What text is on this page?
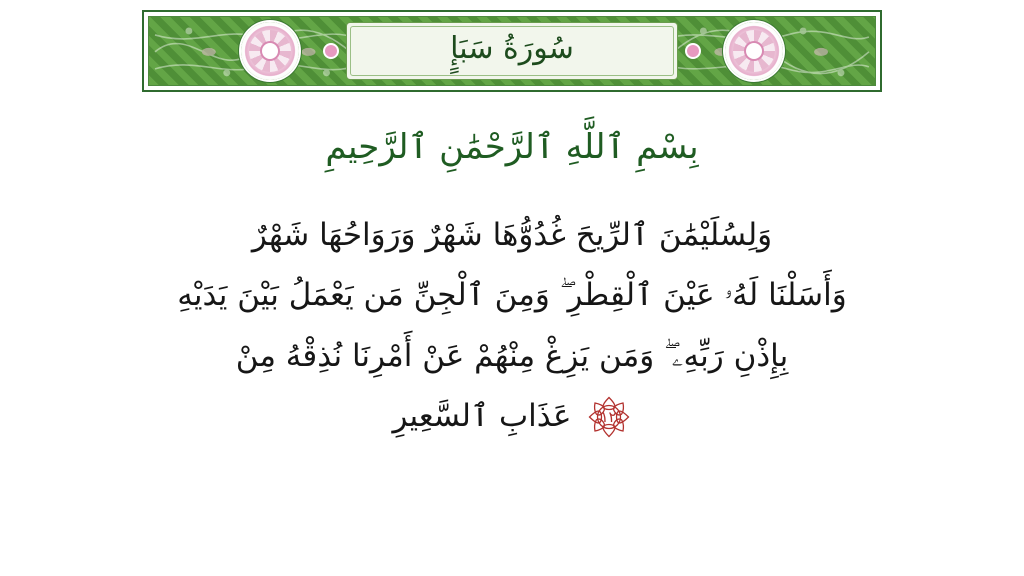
سُورَةُ سَبَإٍ
بِسْمِ ٱللَّهِ ٱلرَّحْمَٰنِ ٱلرَّحِيمِ
وَلِسُلَيْمَٰنَ ٱلرِّيحَ غُدُوُّهَا شَهْرٌ وَرَوَاحُهَا شَهْرٌ
وَأَسَلْنَا لَهُۥ عَيْنَ ٱلْقِطْرِ ۖ وَمِنَ ٱلْجِنِّ مَن يَعْمَلُ بَيْنَ يَدَيْهِ
بِإِذْنِ رَبِّهِۦ ۖ وَمَن يَزِغْ مِنْهُمْ عَنْ أَمْرِنَا نُذِقْهُ مِنْ
١٢
عَذَابِ ٱلسَّعِيرِ
